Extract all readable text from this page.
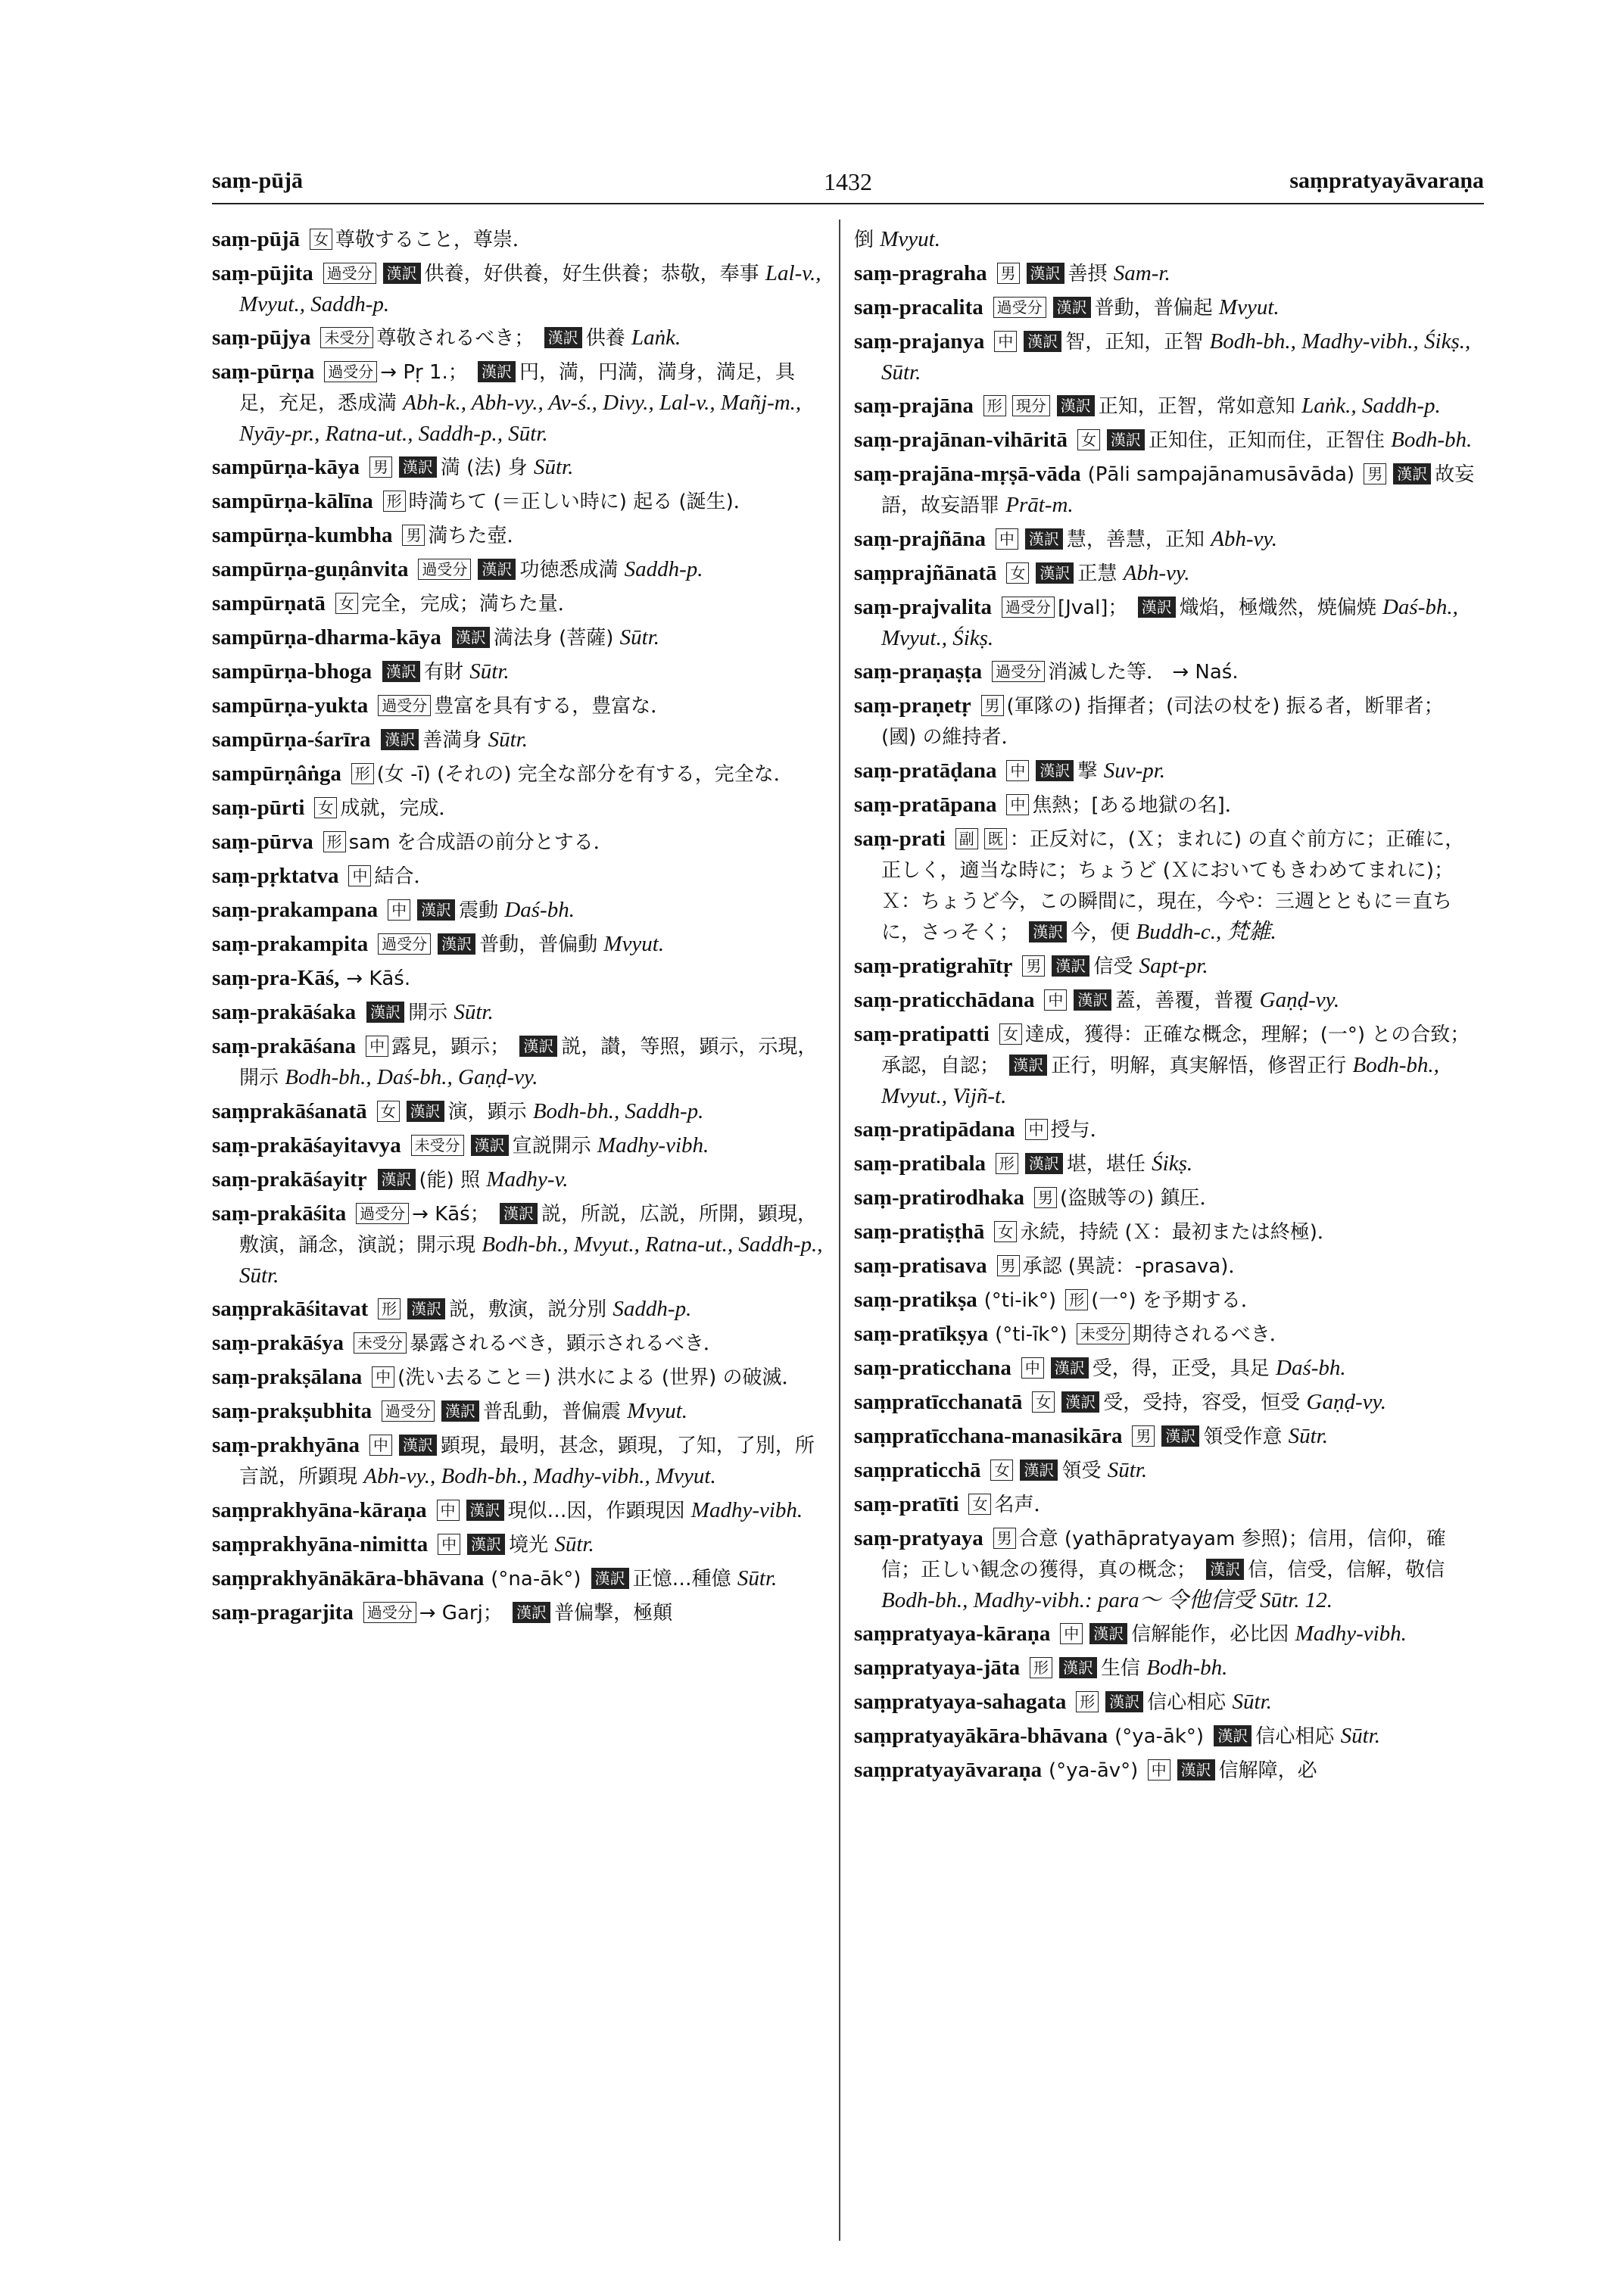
saṃ-pūjā	1432	saṃpratyayāvaraṇa
saṃ-pūjā 女 尊敬すること，尊崇．
saṃ-pūjita 過受分 漢訳 供養，好供養，好生供養；恭敬，奉事 Lal-v., Mvyut., Saddh-p.
saṃ-pūjya 未受分 尊敬されるべき； 漢訳 供養 Laṅk.
saṃ-pūrṇa 過受分 → Pṛ 1.； 漢訳 円，満，円満，満身，満足，具足，充足，悉成満 Abh-k., Abh-vy., Av-ś., Divy., Lal-v., Mañj-m., Nyāy-pr., Ratna-ut., Saddh-p., Sūtr.
sampūrṇa-kāya 男 漢訳 満 (法) 身 Sūtr.
sampūrṇa-kālīna 形 時満ちて (＝正しい時に) 起る (誕生)．
sampūrṇa-kumbha 男 満ちた壺．
sampūrṇa-guṇânvita 過受分 漢訳 功徳悉成満 Saddh-p.
sampūrṇatā 女 完全，完成；満ちた量．
sampūrṇa-dharma-kāya 漢訳 満法身 (菩薩) Sūtr.
sampūrṇa-bhoga 漢訳 有財 Sūtr.
sampūrṇa-yukta 過受分 豊富を具有する，豊富な．
sampūrṇa-śarīra 漢訳 善満身 Sūtr.
sampūrṇâṅga 形 (女 -ī) (それの) 完全な部分を有する，完全な．
saṃ-pūrti 女 成就，完成．
saṃ-pūrva 形 sam を合成語の前分とする．
saṃ-pṛktatva 中 結合．
saṃ-prakampana 中 漢訳 震動 Daś-bh.
saṃ-prakampita 過受分 漢訳 普動，普偏動 Mvyut.
saṃ-pra-Kāś, → Kāś.
saṃ-prakāśaka 漢訳 開示 Sūtr.
saṃ-prakāśana 中 露見，顕示； 漢訳 説，讃，等照，顕示，示現，開示 Bodh-bh., Daś-bh., Gaṇḍ-vy.
saṃprakāśanatā 女 漢訳 演，顕示 Bodh-bh., Saddh-p.
saṃ-prakāśayitavya 未受分 漢訳 宣説開示 Madhy-vibh.
saṃ-prakāśayitṛ 漢訳 (能) 照 Madhy-v.
saṃ-prakāśita 過受分 → Kāś； 漢訳 説，所説，広説，所開，顕現，敷演，誦念，演説；開示現 Bodh-bh., Mvyut., Ratna-ut., Saddh-p., Sūtr.
saṃprakāśitavat 形 漢訳 説，敷演，説分別 Saddh-p.
saṃ-prakāśya 未受分 暴露されるべき，顕示されるべき．
saṃ-prakṣālana 中 (洗い去ること＝) 洪水による (世界) の破滅．
saṃ-prakṣubhita 過受分 漢訳 普乱動，普偏震 Mvyut.
saṃ-prakhyāna 中 漢訳 顕現，最明，甚念，顕現，了知，了別，所言説，所顕現 Abh-vy., Bodh-bh., Madhy-vibh., Mvyut.
saṃprakhyāna-kāraṇa 中 漢訳 現似…因，作顕現因 Madhy-vibh.
saṃprakhyāna-nimitta 中 漢訳 境光 Sūtr.
saṃprakhyānākāra-bhāvana (°na-āk°) 漢訳 正憶…種億 Sūtr.
saṃ-pragarjita 過受分 → Garj； 漢訳 普偏撃，極顛
倒 Mvyut.
saṃ-pragraha 男 漢訳 善摂 Sam-r.
saṃ-pracalita 過受分 漢訳 普動，普偏起 Mvyut.
saṃ-prajanya 中 漢訳 智，正知，正智 Bodh-bh., Madhy-vibh., Śikṣ., Sūtr.
saṃ-prajāna 形 現分 漢訳 正知，正智，常如意知 Laṅk., Saddh-p.
saṃ-prajānan-vihāritā 女 漢訳 正知住，正知而住，正智住 Bodh-bh.
saṃ-prajāna-mṛṣā-vāda (Pāli sampajānamusāvāda) 男 漢訳 故妄語，故妄語罪 Prāt-m.
saṃ-prajñāna 中 漢訳 慧，善慧，正知 Abh-vy.
saṃprajñānatā 女 漢訳 正慧 Abh-vy.
saṃ-prajvalita 過受分 [Jval]； 漢訳 熾焰，極熾然，焼偏焼 Daś-bh., Mvyut., Śikṣ.
saṃ-praṇaṣṭa 過受分 消滅した等． → Naś.
saṃ-praṇetṛ 男 (軍隊の) 指揮者；(司法の杖を) 振る者，断罪者；(國) の維持者．
saṃ-pratāḍana 中 漢訳 撃 Suv-pr.
saṃ-pratāpana 中 焦熱；[ある地獄の名]．
saṃ-prati 副 既 ：正反対に，(Ｘ；まれに) の直ぐ前方に；正確に，正しく，適当な時に；ちょうど (Ｘにおいてもきわめてまれに)；Ｘ：ちょうど今，この瞬間に，現在，今や：三週とともに＝直ちに，さっそく； 漢訳 今，便 Buddh-c., 梵雑.
saṃ-pratigrahītṛ 男 漢訳 信受 Sapt-pr.
saṃ-praticchādana 中 漢訳 蓋，善覆，普覆 Gaṇḍ-vy.
saṃ-pratipatti 女 達成，獲得：正確な概念，理解；(一°) との合致；承認，自認； 漢訳 正行，明解，真実解悟，修習正行 Bodh-bh., Mvyut., Vijñ-t.
saṃ-pratipādana 中 授与．
saṃ-pratibala 形 漢訳 堪，堪任 Śikṣ.
saṃ-pratirodhaka 男 (盗賊等の) 鎮圧．
saṃ-pratiṣṭhā 女 永続，持続 (Ｘ：最初または終極)．
saṃ-pratisava 男 承認 (異読：-prasava)．
saṃ-pratikṣa (°ti-ik°) 形 (一°) を予期する．
saṃ-pratīkṣya (°ti-īk°) 未受分 期待されるべき．
saṃ-praticchana 中 漢訳 受，得，正受，具足 Daś-bh.
saṃpratīcchanatā 女 漢訳 受，受持，容受，恒受 Gaṇḍ-vy.
saṃpratīcchana-manasikāra 男 漢訳 領受作意 Sūtr.
saṃpraticchā 女 漢訳 領受 Sūtr.
saṃ-pratīti 女 名声．
saṃ-pratyaya 男 合意 (yathāpratyayam 参照)；信用，信仰，確信；正しい観念の獲得，真の概念； 漢訳 信，信受，信解，敬信 Bodh-bh., Madhy-vibh.: para〜 令他信受 Sūtr. 12.
saṃpratyaya-kāraṇa 中 漢訳 信解能作，必比因 Madhy-vibh.
saṃpratyaya-jāta 形 漢訳 生信 Bodh-bh.
saṃpratyaya-sahagata 形 漢訳 信心相応 Sūtr.
saṃpratyayākāra-bhāvana (°ya-āk°) 漢訳 信心相応 Sūtr.
saṃpratyayāvaraṇa (°ya-āv°) 中 漢訳 信解障，必
